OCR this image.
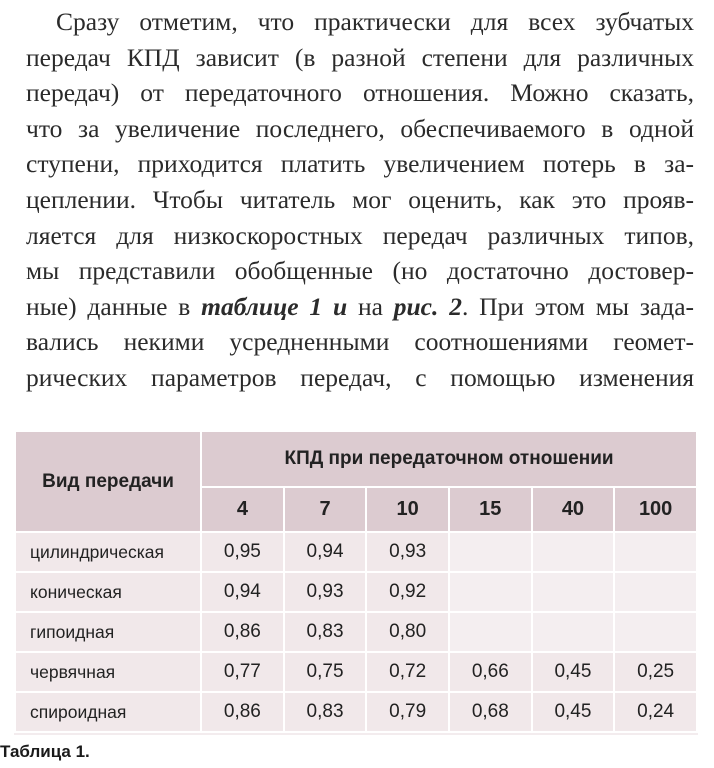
Сразу отметим, что практически для всех зубчатых
передач КПД зависит (в разной степени для различных
передач) от передаточного отношения. Можно сказать,
что за увеличение последнего, обеспечиваемого в одной
ступени, приходится платить увеличением потерь в за-
цеплении. Чтобы читатель мог оценить, как это прояв-
ляется для низкоскоростных передач различных типов,
мы представили обобщенные (но достаточно достовер-
ные) данные в таблице 1 и на рис. 2. При этом мы зада-
вались некими усредненными соотношениями геомет-
рических параметров передач, с помощью изменения
Вид передачи	КПД при передаточном отношении					
	4	7	10	15	40	100
цилиндрическая	0,95	0,94	0,93			
коническая	0,94	0,93	0,92			
гипоидная	0,86	0,83	0,80			
червячная	0,77	0,75	0,72	0,66	0,45	0,25
спироидная	0,86	0,83	0,79	0,68	0,45	0,24
Таблица 1.
